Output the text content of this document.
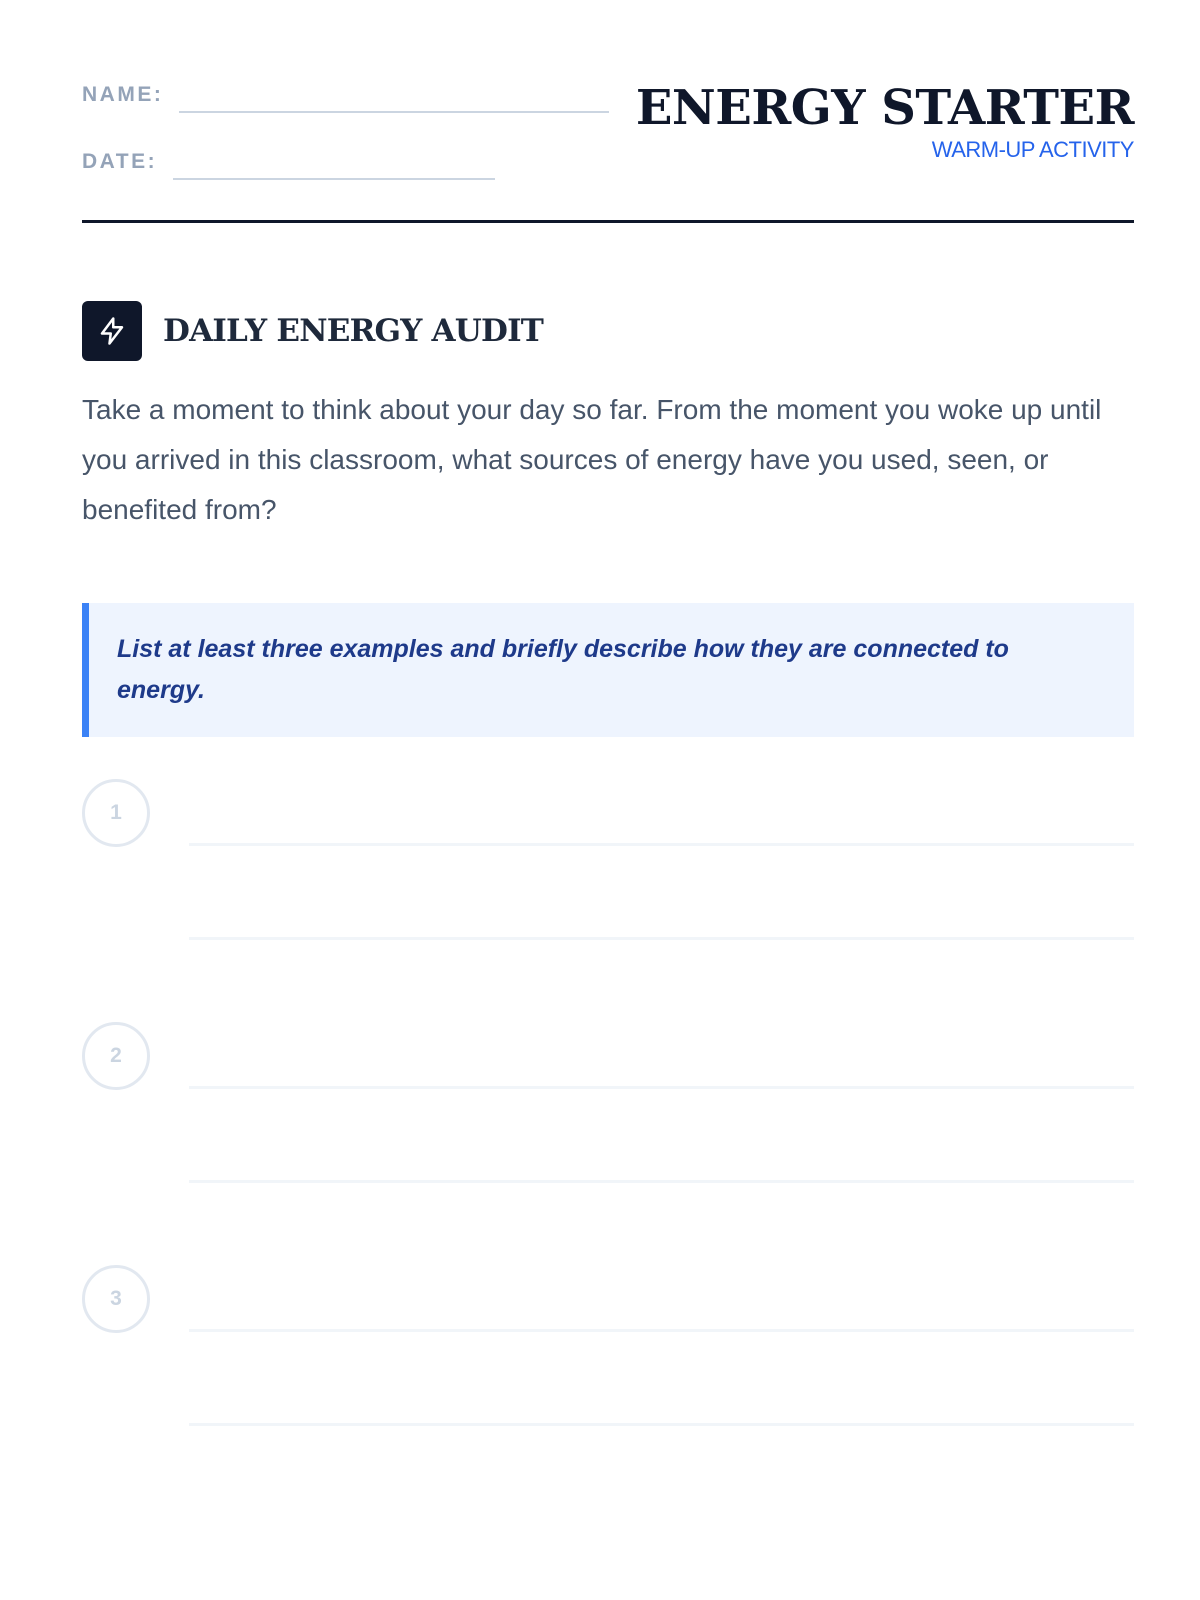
NAME:
DATE:
ENERGY STARTER
WARM-UP ACTIVITY
DAILY ENERGY AUDIT
Take a moment to think about your day so far. From the moment you woke up until you arrived in this classroom, what sources of energy have you used, seen, or benefited from?
List at least three examples and briefly describe how they are connected to energy.
1
2
3
